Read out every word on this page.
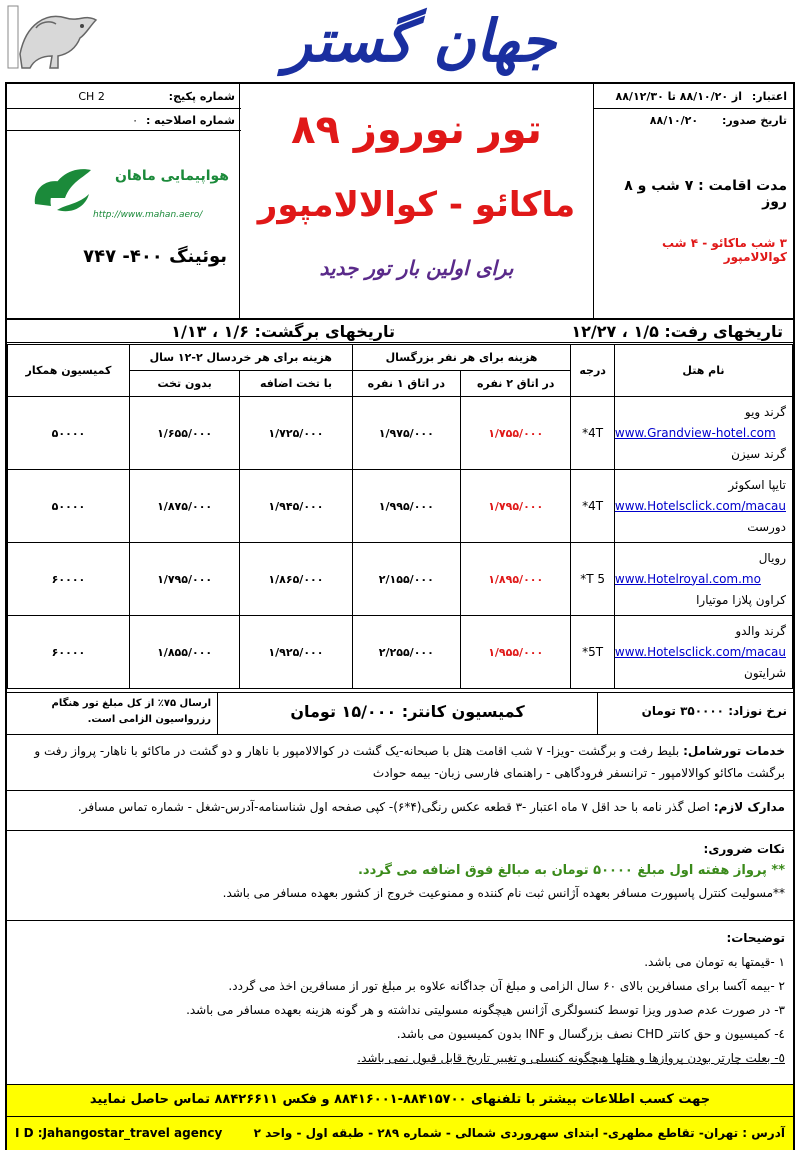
جهان گستر
اعتبار: از ۸۸/۱۰/۲۰ تا ۸۸/۱۲/۳۰
تاریخ صدور: ۸۸/۱۰/۲۰
مدت اقامت : ۷ شب و ۸ روز
۳ شب ماکائو - ۴ شب کوالالامپور
تور نوروز ۸۹
ماکائو - کوالالامپور
برای اولین بار تور جدید
شماره پکیج: CH 2
شماره اصلاحیه : ۰
هواپیمایی ماهان
http://www.mahan.aero/
بوئینگ ۴۰۰- ۷۴۷
تاریخهای رفت: ۱/۵ ، ۱۲/۲۷
تاریخهای برگشت: ۱/۶ ، ۱/۱۳
نام هتل	درجه	هزینه برای هر نفر بزرگسال		هزینه برای هر خردسال ۲-۱۲ سال		کمیسیون همکار
		در اتاق ۲ نفره	در اتاق ۱ نفره	با تخت اضافه	بدون تخت	

گرند ویو
www.Grandview-hotel.com
گرند سیزن	4T*	۱/۷۵۵/۰۰۰	۱/۹۷۵/۰۰۰	۱/۷۲۵/۰۰۰	۱/۶۵۵/۰۰۰	۵۰۰۰۰

تایپا اسکوئر
www.Hotelsclick.com/macau
دورست	4T*	۱/۷۹۵/۰۰۰	۱/۹۹۵/۰۰۰	۱/۹۴۵/۰۰۰	۱/۸۷۵/۰۰۰	۵۰۰۰۰

رویال
www.Hotelroyal.com.mo
کراون پلازا موتیارا	5 T*	۱/۸۹۵/۰۰۰	۲/۱۵۵/۰۰۰	۱/۸۶۵/۰۰۰	۱/۷۹۵/۰۰۰	۶۰۰۰۰

گرند والدو
www.Hotelsclick.com/macau
شرایتون	5T*	۱/۹۵۵/۰۰۰	۲/۲۵۵/۰۰۰	۱/۹۲۵/۰۰۰	۱/۸۵۵/۰۰۰	۶۰۰۰۰
نرخ نوزاد: ۳۵۰۰۰۰ تومان
کمیسیون کانتر: ۱۵/۰۰۰ تومان
ارسال ۷۵٪ از کل مبلغ تور هنگام رزرواسیون الزامی است.
خدمات تورشامل: بلیط رفت و برگشت -ویزا- ۷ شب اقامت هتل با صبحانه-یک گشت در کوالالامپور با ناهار و دو گشت در ماکائو با ناهار- پرواز رفت و
برگشت ماکائو کوالالامپور - ترانسفر فرودگاهی - راهنمای فارسی زبان- بیمه حوادث
مدارک لازم: اصل گذر نامه با حد اقل ۷ ماه اعتبار -۳ قطعه عکس رنگی(۴*۶)- کپی صفحه اول شناسنامه-آدرس-شغل - شماره تماس مسافر.
نکات ضروری:
** پرواز هفته اول مبلغ ۵۰۰۰۰ تومان به مبالغ فوق اضافه می گردد.
**مسولیت کنترل پاسپورت مسافر بعهده آژانس ثبت نام کننده و ممنوعیت خروج از کشور بعهده مسافر می باشد.
توضیحات:
۱ -قیمتها به تومان می باشد.
۲ -بیمه آکسا برای مسافرین بالای ۶۰ سال الزامی و مبلغ آن جداگانه علاوه بر مبلغ تور از مسافرین اخذ می گردد.
۳- در صورت عدم صدور ویزا توسط کنسولگری آژانس هیچگونه مسولیتی نداشته و هر گونه هزینه بعهده مسافر می باشد.
٤- کمیسیون و حق کانتر CHD نصف بزرگسال و INF بدون کمیسیون می باشد.
٥- بعلت چارتر بودن پروازها و هتلها هیچگونه کنسلی و تغییر تاریخ قابل قبول نمی باشد.
جهت کسب اطلاعات بیشتر با تلفنهای ۸۸۴۱۵۷۰۰-۸۸۴۱۶۰۰۱ و فکس ۸۸۴۲۶۶۱۱ تماس حاصل نمایید
آدرس : تهران- تقاطع مطهری- ابتدای سهروردی شمالی - شماره ۲۸۹ - طبقه اول - واحد ۲
I D :Jahangostar_travel agency
